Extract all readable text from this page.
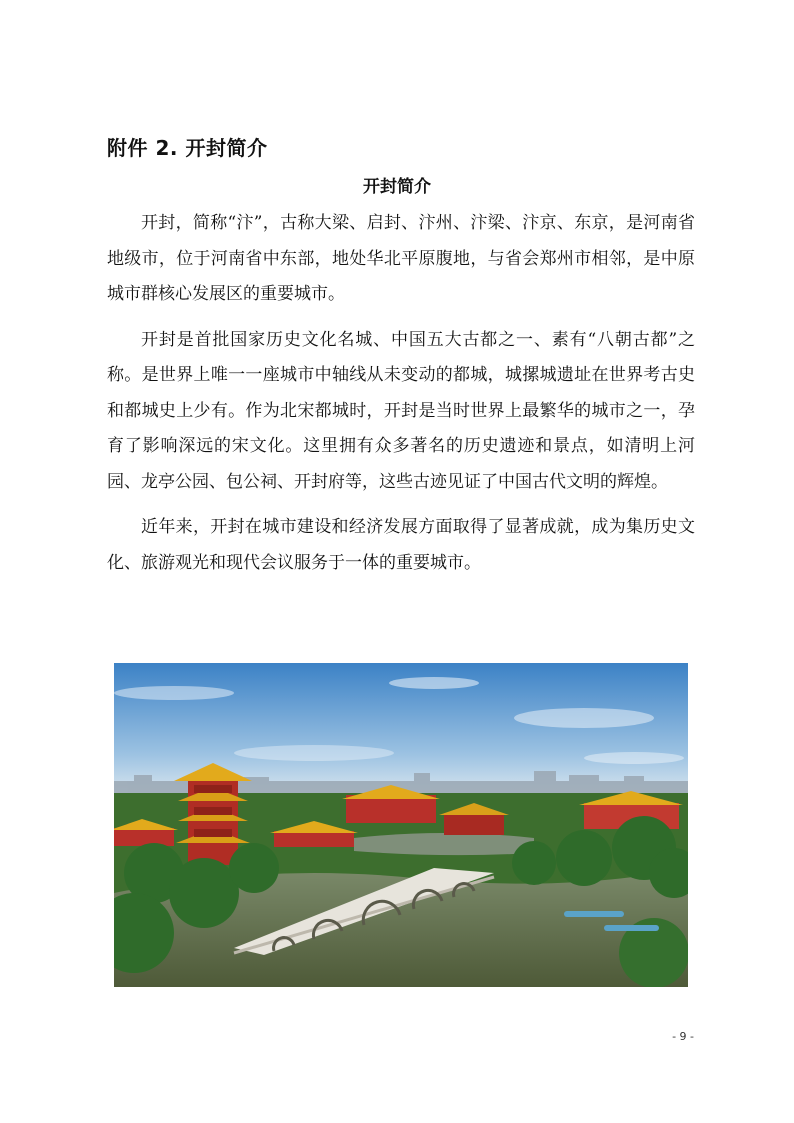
附件 2. 开封简介
开封简介

开封，简称“汴”，古称大梁、启封、汴州、汴梁、汴京、东京，是河南省地级市，位于河南省中东部，地处华北平原腹地，与省会郑州市相邻，是中原城市群核心发展区的重要城市。

开封是首批国家历史文化名城、中国五大古都之一、素有“八朝古都”之称。是世界上唯一一座城市中轴线从未变动的都城，城摞城遗址在世界考古史和都城史上少有。作为北宋都城时，开封是当时世界上最繁华的城市之一，孕育了影响深远的宋文化。这里拥有众多著名的历史遗迹和景点，如清明上河园、龙亭公园、包公祠、开封府等，这些古迹见证了中国古代文明的辉煌。

近年来，开封在城市建设和经济发展方面取得了显著成就，成为集历史文化、旅游观光和现代会议服务于一体的重要城市。

- 9 -
